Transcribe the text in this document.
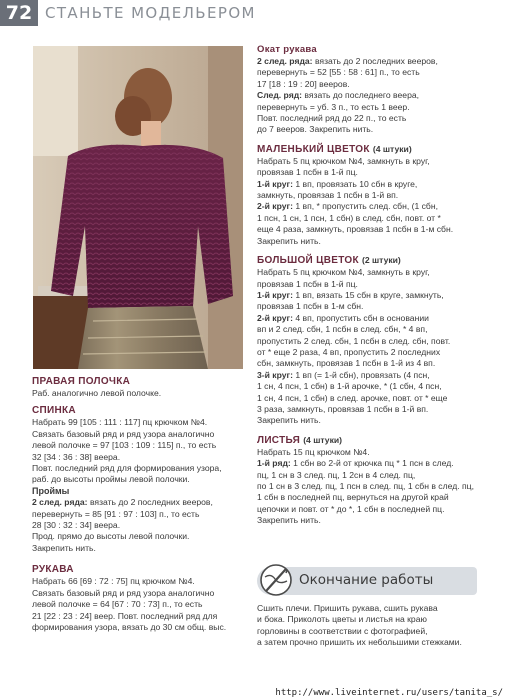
72 СТАНЬТЕ МОДЕЛЬЕРОМ
ПРАВАЯ ПОЛОЧКА

Раб. аналогично левой полочке.

СПИНКА

Набрать 99 [105 : 111 : 117] пц крючком №4.

Связать базовый ряд и ряд узора аналогично

левой полочке = 97 [103 : 109 : 115] п., то есть

32 [34 : 36 : 38] веера.

Повт. последний ряд для формирования узора,

раб. до высоты проймы левой полочки.

Проймы

2 след. ряда: вязать до 2 последних вееров,

перевернуть = 85 [91 : 97 : 103] п., то есть

28 [30 : 32 : 34] веера.

Прод. прямо до высоты левой полочки.

Закрепить нить.

РУКАВА

Набрать 66 [69 : 72 : 75] пц крючком №4.

Связать базовый ряд и ряд узора аналогично

левой полочке = 64 [67 : 70 : 73] п., то есть

21 [22 : 23 : 24] веер. Повт. последний ряд для

формирования узора, вязать до 30 см общ. выс.

Окат рукава

2 след. ряда: вязать до 2 последних вееров,

перевернуть = 52 [55 : 58 : 61] п., то есть

17 [18 : 19 : 20] вееров.

След. ряд: вязать до последнего веера,

перевернуть = уб. 3 п., то есть 1 веер.

Повт. последний ряд до 22 п., то есть

до 7 вееров. Закрепить нить.

МАЛЕНЬКИЙ ЦВЕТОК (4 штуки)

Набрать 5 пц крючком №4, замкнуть в круг,

провязав 1 псбн в 1-й пц.

1-й круг: 1 вп, провязать 10 сбн в круге,

замкнуть, провязав 1 псбн в 1-й вп.

2-й круг: 1 вп, * пропустить след. сбн, (1 сбн,

1 псн, 1 сн, 1 псн, 1 сбн) в след. сбн, повт. от *

еще 4 раза, замкнуть, провязав 1 псбн в 1-м сбн.

Закрепить нить.

БОЛЬШОЙ ЦВЕТОК (2 штуки)

Набрать 5 пц крючком №4, замкнуть в круг,

провязав 1 псбн в 1-й пц.

1-й круг: 1 вп, вязать 15 сбн в круге, замкнуть,

провязав 1 псбн в 1-м сбн.

2-й круг: 4 вп, пропустить сбн в основании

вп и 2 след. сбн, 1 псбн в след. сбн, * 4 вп,

пропустить 2 след. сбн, 1 псбн в след. сбн, повт.

от * еще 2 раза, 4 вп, пропустить 2 последних

сбн, замкнуть, провязав 1 псбн в 1-й из 4 вп.

3-й круг: 1 вп (= 1-й сбн), провязать (4 псн,

1 сн, 4 псн, 1 сбн) в 1-й арочке, * (1 сбн, 4 псн,

1 сн, 4 псн, 1 сбн) в след. арочке, повт. от * еще

3 раза, замкнуть, провязав 1 псбн в 1-й вп.

Закрепить нить.

ЛИСТЬЯ (4 штуки)

Набрать 15 пц крючком №4.

1-й ряд: 1 сбн во 2-й от крючка пц * 1 псн в след.

пц, 1 сн в 3 след. пц, 1 2сн в 4 след. пц,

по 1 сн в 3 след. пц, 1 псн в след. пц, 1 сбн в след. пц,

1 сбн в последней пц, вернуться на другой край

цепочки и повт. от * до *, 1 сбн в последней пц.

Закрепить нить.

Окончание работы

Сшить плечи. Пришить рукава, сшить рукава

и бока. Приколоть цветы и листья на краю

горловины в соответствии с фотографией,

а затем прочно пришить их небольшими стежками.

http://www.liveinternet.ru/users/tanita_s/
